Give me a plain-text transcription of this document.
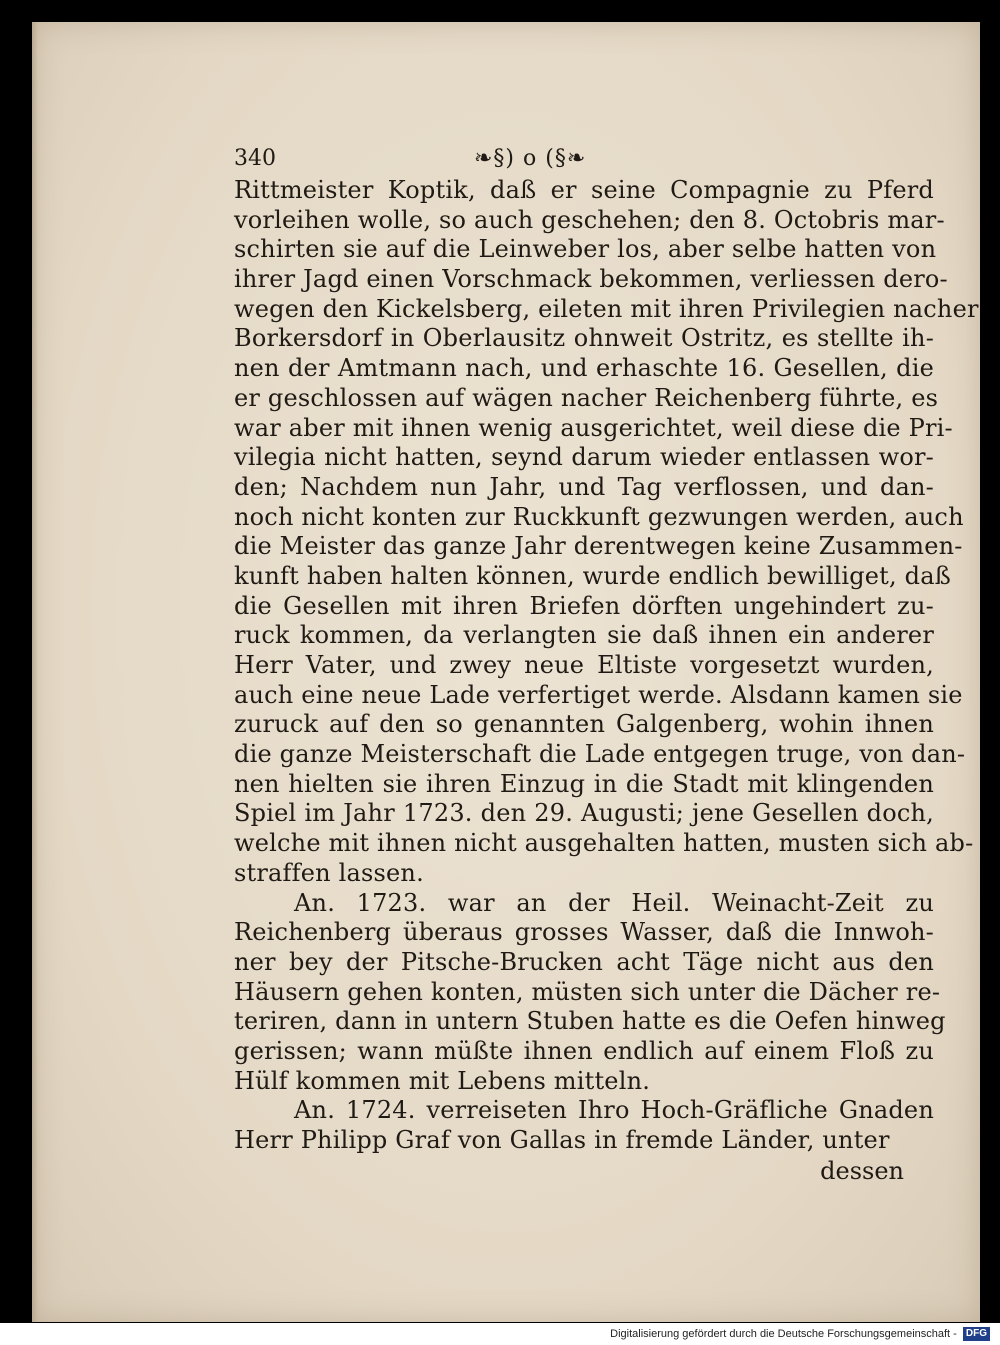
340	❧§) o (§❧
Rittmeister Koptik, daß er seine Compagnie zu Pferd
vorleihen wolle, so auch geschehen; den 8. Octobris mar-
schirten sie auf die Leinweber los, aber selbe hatten von
ihrer Jagd einen Vorschmack bekommen, verliessen dero-
wegen den Kickelsberg, eileten mit ihren Privilegien nacher
Borkersdorf in Oberlausitz ohnweit Ostritz, es stellte ih-
nen der Amtmann nach, und erhaschte 16. Gesellen, die
er geschlossen auf wägen nacher Reichenberg führte, es
war aber mit ihnen wenig ausgerichtet, weil diese die Pri-
vilegia nicht hatten, seynd darum wieder entlassen wor-
den; Nachdem nun Jahr, und Tag verflossen, und dan-
noch nicht konten zur Ruckkunft gezwungen werden, auch
die Meister das ganze Jahr derentwegen keine Zusammen-
kunft haben halten können, wurde endlich bewilliget, daß
die Gesellen mit ihren Briefen dörften ungehindert zu-
ruck kommen, da verlangten sie daß ihnen ein anderer
Herr Vater, und zwey neue Eltiste vorgesetzt wurden,
auch eine neue Lade verfertiget werde. Alsdann kamen sie
zuruck auf den so genannten Galgenberg, wohin ihnen
die ganze Meisterschaft die Lade entgegen truge, von dan-
nen hielten sie ihren Einzug in die Stadt mit klingenden
Spiel im Jahr 1723. den 29. Augusti; jene Gesellen doch,
welche mit ihnen nicht ausgehalten hatten, musten sich ab-
straffen lassen.
An. 1723. war an der Heil. Weinacht-Zeit zu
Reichenberg überaus grosses Wasser, daß die Innwoh-
ner bey der Pitsche-Brucken acht Täge nicht aus den
Häusern gehen konten, müsten sich unter die Dächer re-
teriren, dann in untern Stuben hatte es die Oefen hinweg
gerissen; wann müßte ihnen endlich auf einem Floß zu
Hülf kommen mit Lebens mitteln.
An. 1724. verreiseten Ihro Hoch-Gräfliche Gnaden
Herr Philipp Graf von Gallas in fremde Länder, unter
dessen
Digitalisierung gefördert durch die Deutsche Forschungsgemeinschaft - DFG
